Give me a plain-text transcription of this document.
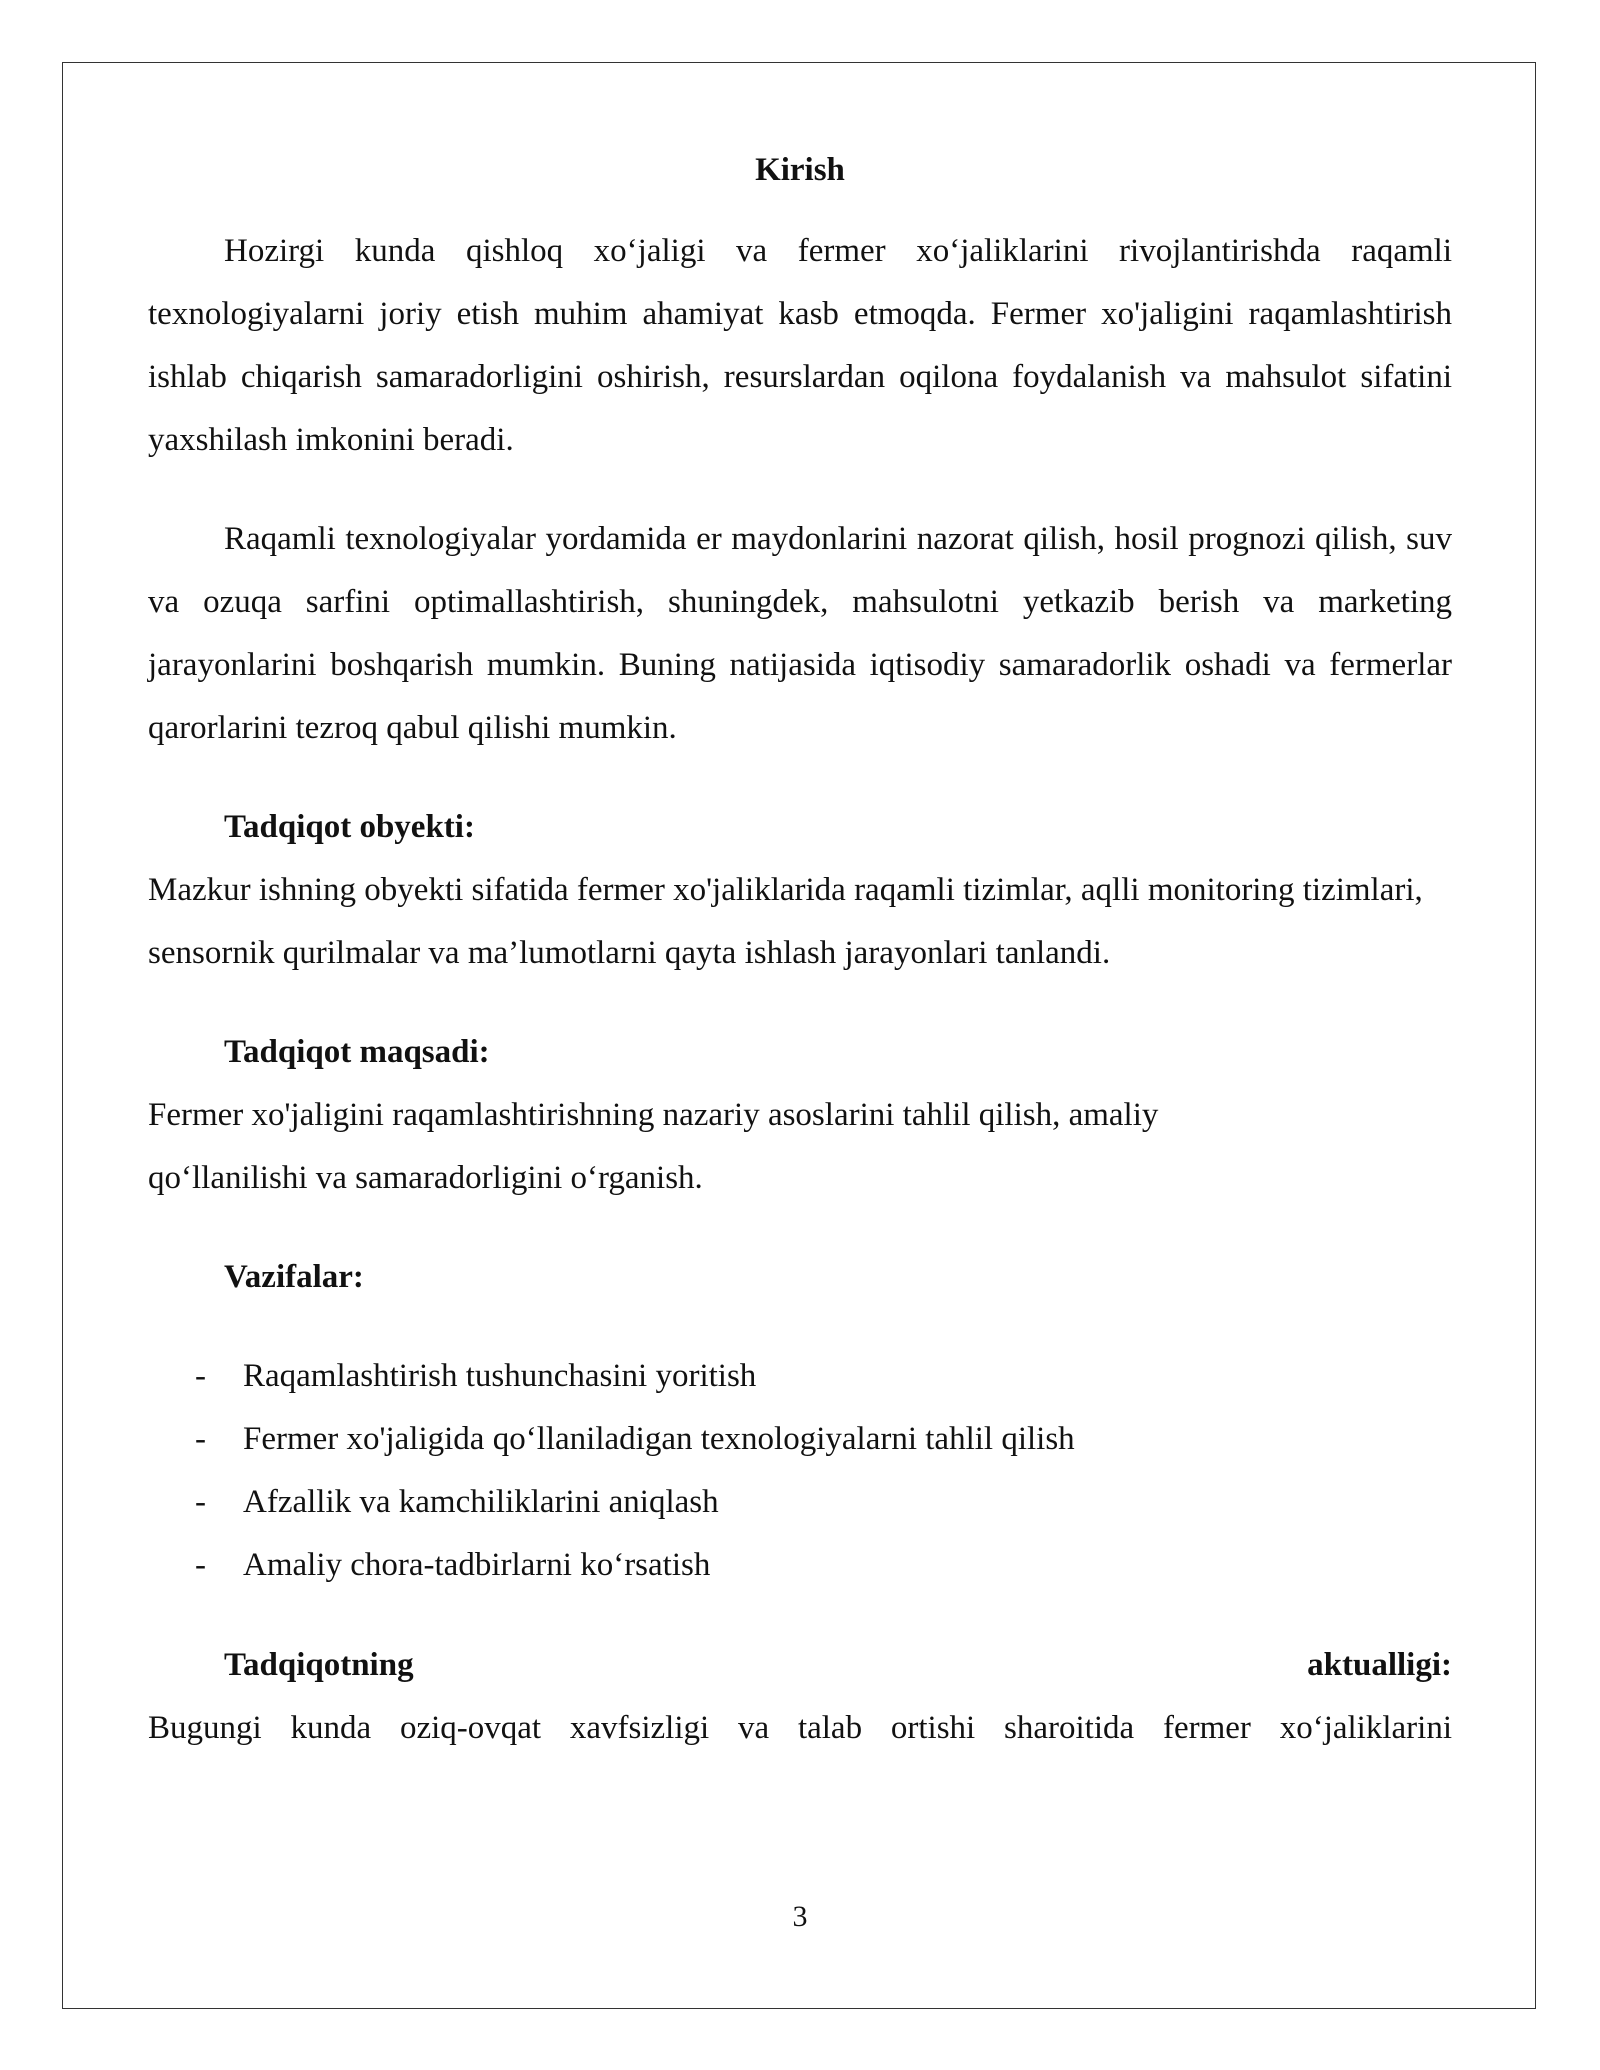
Kirish

Hozirgi kunda qishloq xo‘jaligi va fermer xo‘jaliklarini rivojlantirishda raqamli texnologiyalarni joriy etish muhim ahamiyat kasb etmoqda. Fermer xo'jaligini raqamlashtirish ishlab chiqarish samaradorligini oshirish, resurslardan oqilona foydalanish va mahsulot sifatini yaxshilash imkonini beradi.

Raqamli texnologiyalar yordamida er maydonlarini nazorat qilish, hosil prognozi qilish, suv va ozuqa sarfini optimallashtirish, shuningdek, mahsulotni yetkazib berish va marketing jarayonlarini boshqarish mumkin. Buning natijasida iqtisodiy samaradorlik oshadi va fermerlar qarorlarini tezroq qabul qilishi mumkin.

Tadqiqot obyekti:

Mazkur ishning obyekti sifatida fermer xo'jaliklarida raqamli tizimlar, aqlli monitoring tizimlari, sensornik qurilmalar va ma’lumotlarni qayta ishlash jarayonlari tanlandi.

Tadqiqot maqsadi:

Fermer xo'jaligini raqamlashtirishning nazariy asoslarini tahlil qilish, amaliy
qo‘llanilishi va samaradorligini o‘rganish.

Vazifalar:

- Raqamlashtirish tushunchasini yoritish
- Fermer xo'jaligida qo‘llaniladigan texnologiyalarni tahlil qilish
- Afzallik va kamchiliklarini aniqlash
- Amaliy chora-tadbirlarni ko‘rsatish

Tadqiqotning	aktualligi:

Bugungi kunda oziq-ovqat xavfsizligi va talab ortishi sharoitida fermer xo‘jaliklarini

3
